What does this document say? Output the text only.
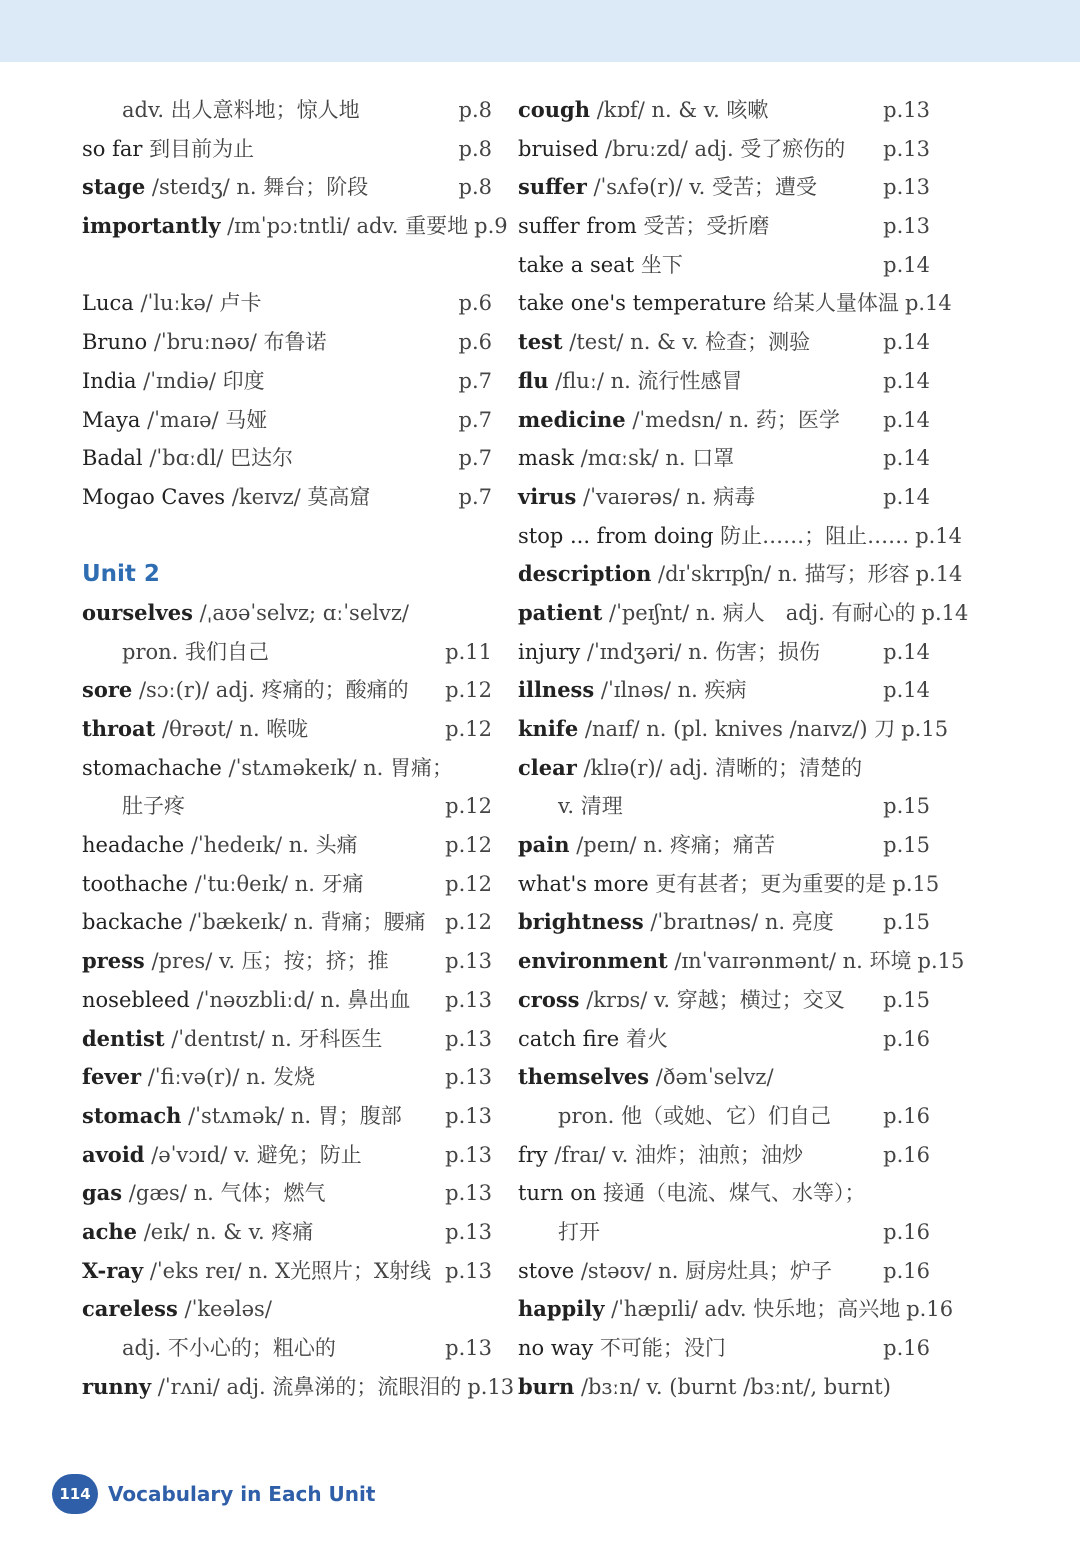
adv. 出人意料地；惊人地	p.8
so far 到目前为止	p.8
stage /steɪdʒ/ n. 舞台；阶段	p.8
importantly /ɪmˈpɔːtntli/ adv. 重要地 p.9
Luca /ˈluːkə/ 卢卡	p.6
Bruno /ˈbruːnəʊ/ 布鲁诺	p.6
India /ˈɪndiə/ 印度	p.7
Maya /ˈmaɪə/ 马娅	p.7
Badal /ˈbɑːdl/ 巴达尔	p.7
Mogao Caves /keɪvz/ 莫高窟	p.7
Unit 2
ourselves /ˌaʊəˈselvz; ɑːˈselvz/
pron. 我们自己	p.11
sore /sɔː(r)/ adj. 疼痛的；酸痛的 p.12
throat /θrəʊt/ n. 喉咙	p.12
stomachache /ˈstʌməkeɪk/ n. 胃痛；
肚子疼	p.12
headache /ˈhedeɪk/ n. 头痛	p.12
toothache /ˈtuːθeɪk/ n. 牙痛	p.12
backache /ˈbækeɪk/ n. 背痛；腰痛 p.12
press /pres/ v. 压；按；挤；推	p.13
nosebleed /ˈnəʊzbliːd/ n. 鼻出血 p.13
dentist /ˈdentɪst/ n. 牙科医生	p.13
fever /ˈfiːvə(r)/ n. 发烧	p.13
stomach /ˈstʌmək/ n. 胃；腹部 p.13
avoid /əˈvɔɪd/ v. 避免；防止	p.13
gas /gæs/ n. 气体；燃气	p.13
ache /eɪk/ n. & v. 疼痛	p.13
X-ray /ˈeks reɪ/ n. X光照片；X射线 p.13
careless /ˈkeələs/
adj. 不小心的；粗心的	p.13
runny /ˈrʌni/ adj. 流鼻涕的；流眼泪的 p.13
cough /kɒf/ n. & v. 咳嗽	p.13
bruised /bruːzd/ adj. 受了瘀伤的 p.13
suffer /ˈsʌfə(r)/ v. 受苦；遭受	p.13
suffer from 受苦；受折磨	p.13
take a seat 坐下	p.14
take one's temperature 给某人量体温 p.14
test /test/ n. & v. 检查；测验	p.14
flu /fluː/ n. 流行性感冒	p.14
medicine /ˈmedsn/ n. 药；医学 p.14
mask /mɑːsk/ n. 口罩	p.14
virus /ˈvaɪərəs/ n. 病毒	p.14
stop ... from doing 防止……；阻止…… p.14
description /dɪˈskrɪpʃn/ n. 描写；形容 p.14
patient /ˈpeɪʃnt/ n. 病人　adj. 有耐心的 p.14
injury /ˈɪndʒəri/ n. 伤害；损伤	p.14
illness /ˈɪlnəs/ n. 疾病	p.14
knife /naɪf/ n. (pl. knives /naɪvz/) 刀 p.15
clear /klɪə(r)/ adj. 清晰的；清楚的
v. 清理	p.15
pain /peɪn/ n. 疼痛；痛苦	p.15
what's more 更有甚者；更为重要的是 p.15
brightness /ˈbraɪtnəs/ n. 亮度 p.15
environment /ɪnˈvaɪrənmənt/ n. 环境 p.15
cross /krɒs/ v. 穿越；横过；交叉 p.15
catch fire 着火	p.16
themselves /ðəmˈselvz/
pron. 他（或她、它）们自己 p.16
fry /fraɪ/ v. 油炸；油煎；油炒	p.16
turn on 接通（电流、煤气、水等）；
打开	p.16
stove /stəʊv/ n. 厨房灶具；炉子 p.16
happily /ˈhæpɪli/ adv. 快乐地；高兴地 p.16
no way 不可能；没门	p.16
burn /bɜːn/ v. (burnt /bɜːnt/, burnt)
114 Vocabulary in Each Unit
